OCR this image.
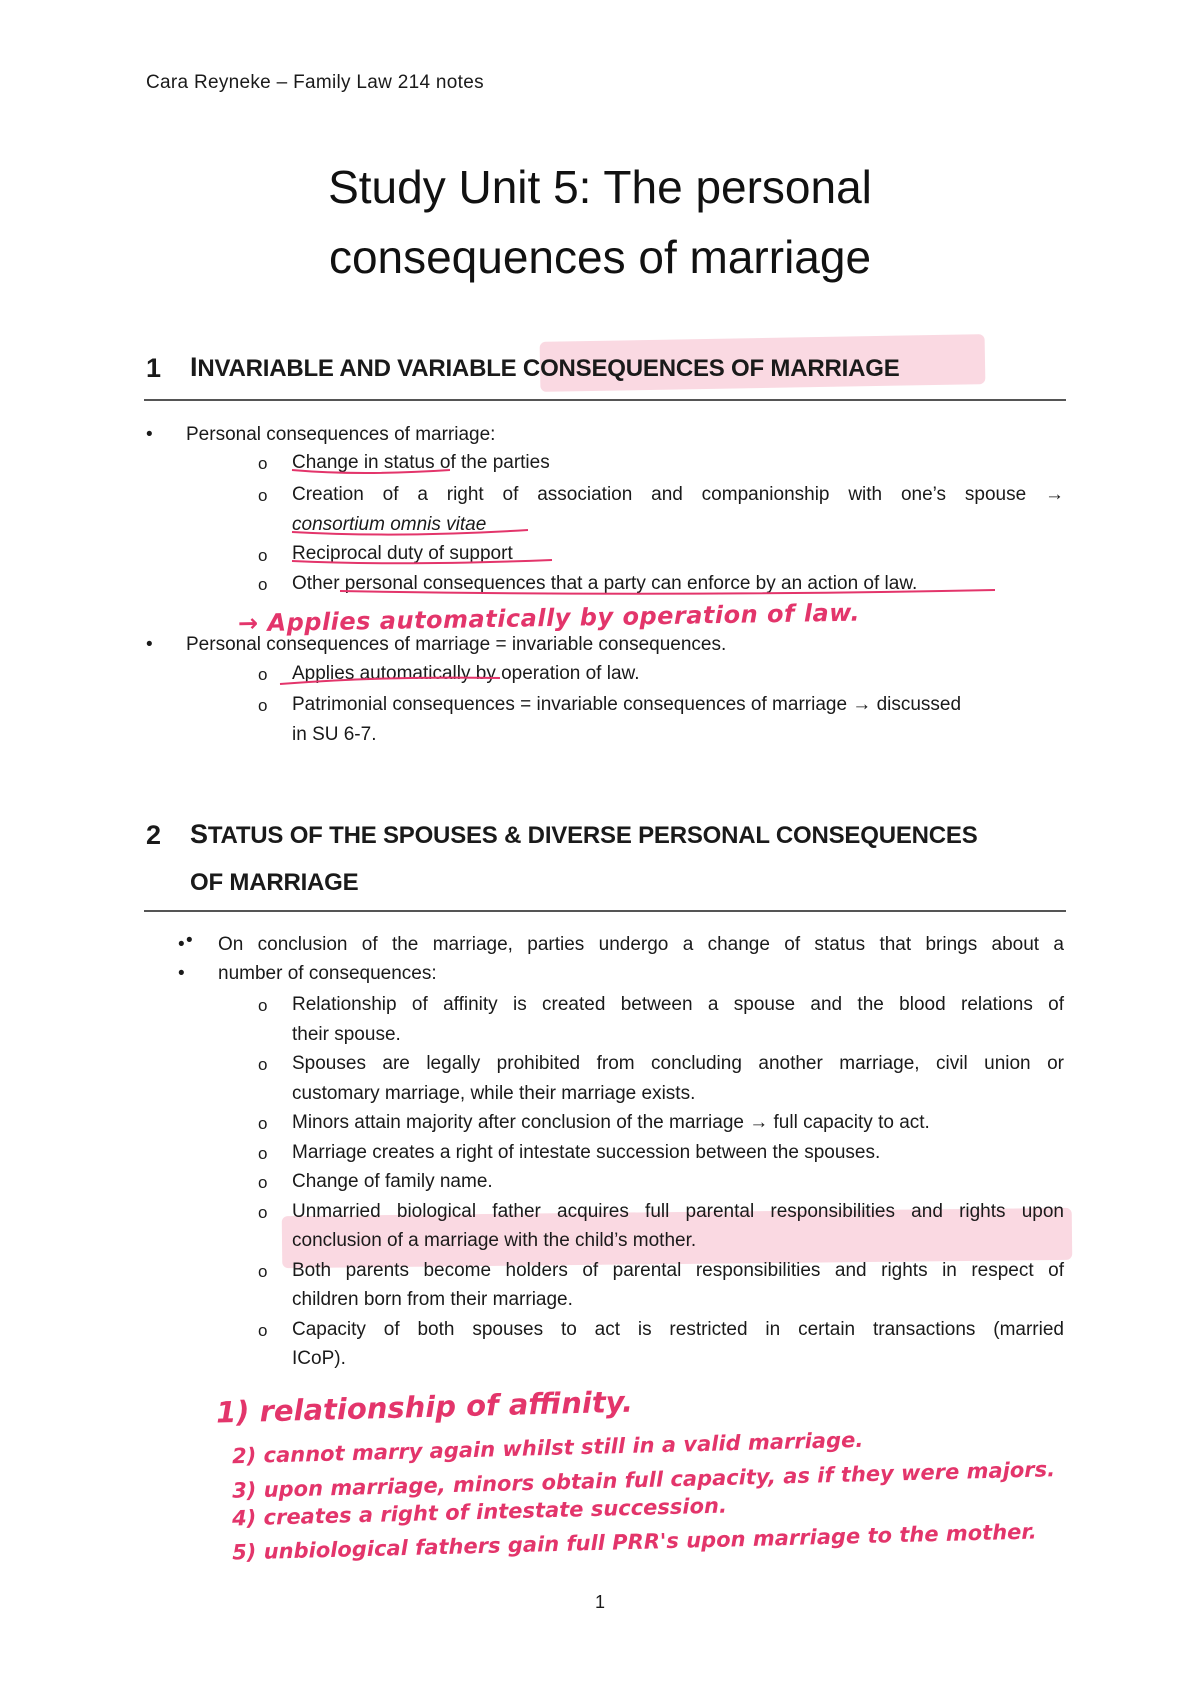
Cara Reyneke – Family Law 214 notes
Study Unit 5: The personal
consequences of marriage
1 INVARIABLE AND VARIABLE CONSEQUENCES OF MARRIAGE
• Personal consequences of marriage:
o Change in status of the parties
o Creation of a right of association and companionship with one’s spouse →
consortium omnis vitae
o Reciprocal duty of support
o Other personal consequences that a party can enforce by an action of law.
→ Applies automatically by operation of law.
• Personal consequences of marriage = invariable consequences.
o Applies automatically by operation of law.
o Patrimonial consequences = invariable consequences of marriage → discussed
in SU 6-7.
2 STATUS OF THE SPOUSES & DIVERSE PERSONAL CONSEQUENCES
OF MARRIAGE
• On conclusion of the marriage, parties undergo a change of status that brings about a
• number of consequences:
•
o Relationship of affinity is created between a spouse and the blood relations of
their spouse.
o Spouses are legally prohibited from concluding another marriage, civil union or
customary marriage, while their marriage exists.
o Minors attain majority after conclusion of the marriage → full capacity to act.
o Marriage creates a right of intestate succession between the spouses.
o Change of family name.
o Unmarried biological father acquires full parental responsibilities and rights upon
conclusion of a marriage with the child’s mother.
o Both parents become holders of parental responsibilities and rights in respect of
children born from their marriage.
o Capacity of both spouses to act is restricted in certain transactions (married
ICoP).
1) relationship of affinity.
2) cannot marry again whilst still in a valid marriage.
3) upon marriage, minors obtain full capacity, as if they were majors.
4) creates a right of intestate succession.
5) unbiological fathers gain full PRR's upon marriage to the mother.
1
